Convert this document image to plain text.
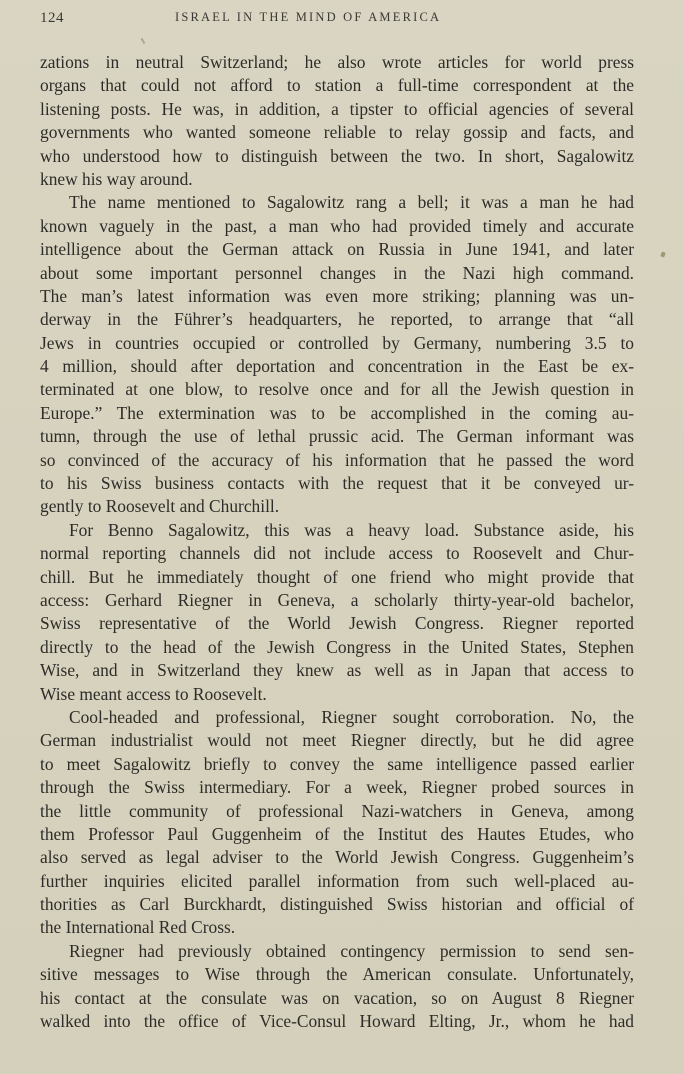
124	ISRAEL IN THE MIND OF AMERICA
zations in neutral Switzerland; he also wrote articles for world press
organs that could not afford to station a full-time correspondent at the
listening posts. He was, in addition, a tipster to official agencies of several
governments who wanted someone reliable to relay gossip and facts, and
who understood how to distinguish between the two. In short, Sagalowitz
knew his way around.
The name mentioned to Sagalowitz rang a bell; it was a man he had
known vaguely in the past, a man who had provided timely and accurate
intelligence about the German attack on Russia in June 1941, and later
about some important personnel changes in the Nazi high command.
The man’s latest information was even more striking; planning was un-
derway in the Führer’s headquarters, he reported, to arrange that “all
Jews in countries occupied or controlled by Germany, numbering 3.5 to
4 million, should after deportation and concentration in the East be ex-
terminated at one blow, to resolve once and for all the Jewish question in
Europe.” The extermination was to be accomplished in the coming au-
tumn, through the use of lethal prussic acid. The German informant was
so convinced of the accuracy of his information that he passed the word
to his Swiss business contacts with the request that it be conveyed ur-
gently to Roosevelt and Churchill.
For Benno Sagalowitz, this was a heavy load. Substance aside, his
normal reporting channels did not include access to Roosevelt and Chur-
chill. But he immediately thought of one friend who might provide that
access: Gerhard Riegner in Geneva, a scholarly thirty-year-old bachelor,
Swiss representative of the World Jewish Congress. Riegner reported
directly to the head of the Jewish Congress in the United States, Stephen
Wise, and in Switzerland they knew as well as in Japan that access to
Wise meant access to Roosevelt.
Cool-headed and professional, Riegner sought corroboration. No, the
German industrialist would not meet Riegner directly, but he did agree
to meet Sagalowitz briefly to convey the same intelligence passed earlier
through the Swiss intermediary. For a week, Riegner probed sources in
the little community of professional Nazi-watchers in Geneva, among
them Professor Paul Guggenheim of the Institut des Hautes Etudes, who
also served as legal adviser to the World Jewish Congress. Guggenheim’s
further inquiries elicited parallel information from such well-placed au-
thorities as Carl Burckhardt, distinguished Swiss historian and official of
the International Red Cross.
Riegner had previously obtained contingency permission to send sen-
sitive messages to Wise through the American consulate. Unfortunately,
his contact at the consulate was on vacation, so on August 8 Riegner
walked into the office of Vice-Consul Howard Elting, Jr., whom he had
